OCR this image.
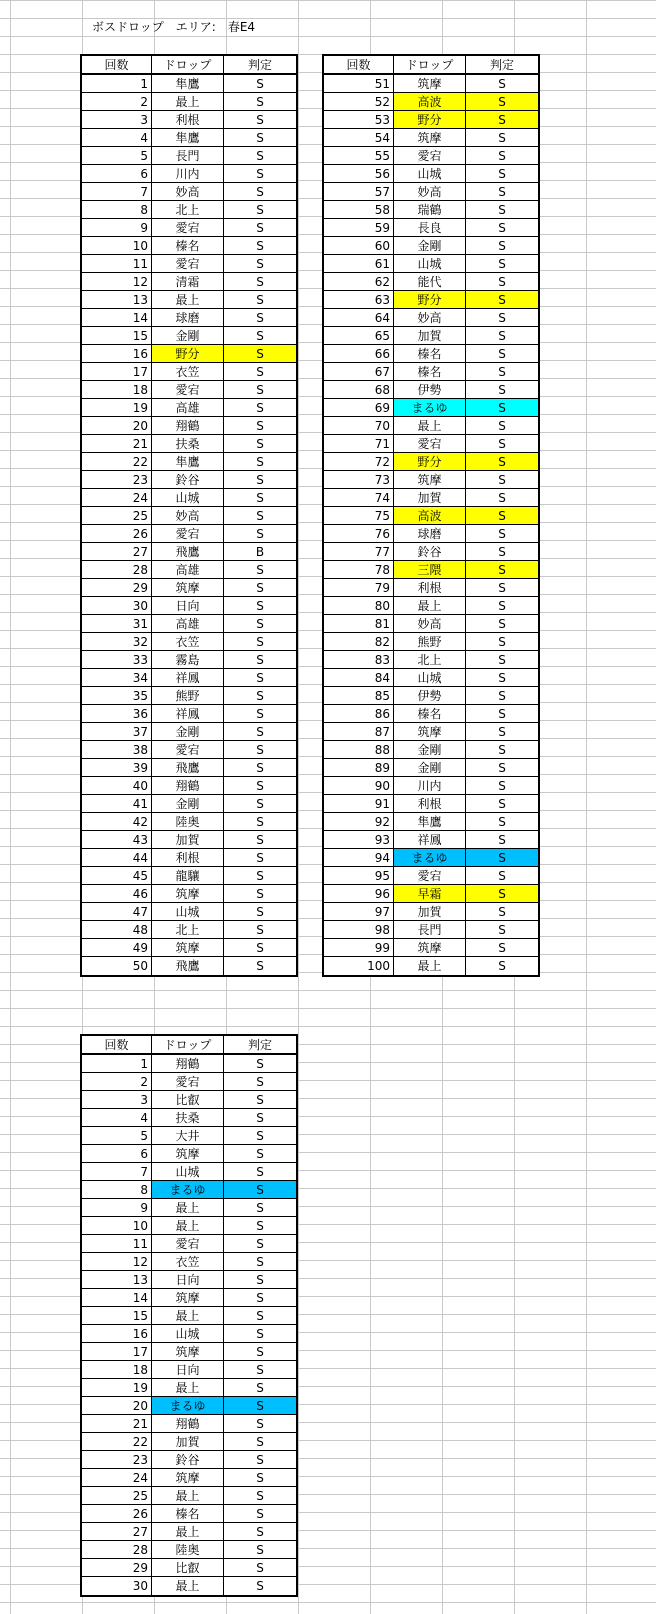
ボスドロップ エリア: 春E4
回数	ドロップ	判定
1	隼鷹	S
2	最上	S
3	利根	S
4	隼鷹	S
5	長門	S
6	川内	S
7	妙高	S
8	北上	S
9	愛宕	S
10	榛名	S
11	愛宕	S
12	清霜	S
13	最上	S
14	球磨	S
15	金剛	S
16	野分	S
17	衣笠	S
18	愛宕	S
19	高雄	S
20	翔鶴	S
21	扶桑	S
22	隼鷹	S
23	鈴谷	S
24	山城	S
25	妙高	S
26	愛宕	S
27	飛鷹	B
28	高雄	S
29	筑摩	S
30	日向	S
31	高雄	S
32	衣笠	S
33	霧島	S
34	祥鳳	S
35	熊野	S
36	祥鳳	S
37	金剛	S
38	愛宕	S
39	飛鷹	S
40	翔鶴	S
41	金剛	S
42	陸奥	S
43	加賀	S
44	利根	S
45	龍驤	S
46	筑摩	S
47	山城	S
48	北上	S
49	筑摩	S
50	飛鷹	S
回数	ドロップ	判定
51	筑摩	S
52	高波	S
53	野分	S
54	筑摩	S
55	愛宕	S
56	山城	S
57	妙高	S
58	瑞鶴	S
59	長良	S
60	金剛	S
61	山城	S
62	能代	S
63	野分	S
64	妙高	S
65	加賀	S
66	榛名	S
67	榛名	S
68	伊勢	S
69	まるゆ	S
70	最上	S
71	愛宕	S
72	野分	S
73	筑摩	S
74	加賀	S
75	高波	S
76	球磨	S
77	鈴谷	S
78	三隈	S
79	利根	S
80	最上	S
81	妙高	S
82	熊野	S
83	北上	S
84	山城	S
85	伊勢	S
86	榛名	S
87	筑摩	S
88	金剛	S
89	金剛	S
90	川内	S
91	利根	S
92	隼鷹	S
93	祥鳳	S
94	まるゆ	S
95	愛宕	S
96	早霜	S
97	加賀	S
98	長門	S
99	筑摩	S
100	最上	S
回数	ドロップ	判定
1	翔鶴	S
2	愛宕	S
3	比叡	S
4	扶桑	S
5	大井	S
6	筑摩	S
7	山城	S
8	まるゆ	S
9	最上	S
10	最上	S
11	愛宕	S
12	衣笠	S
13	日向	S
14	筑摩	S
15	最上	S
16	山城	S
17	筑摩	S
18	日向	S
19	最上	S
20	まるゆ	S
21	翔鶴	S
22	加賀	S
23	鈴谷	S
24	筑摩	S
25	最上	S
26	榛名	S
27	最上	S
28	陸奥	S
29	比叡	S
30	最上	S
